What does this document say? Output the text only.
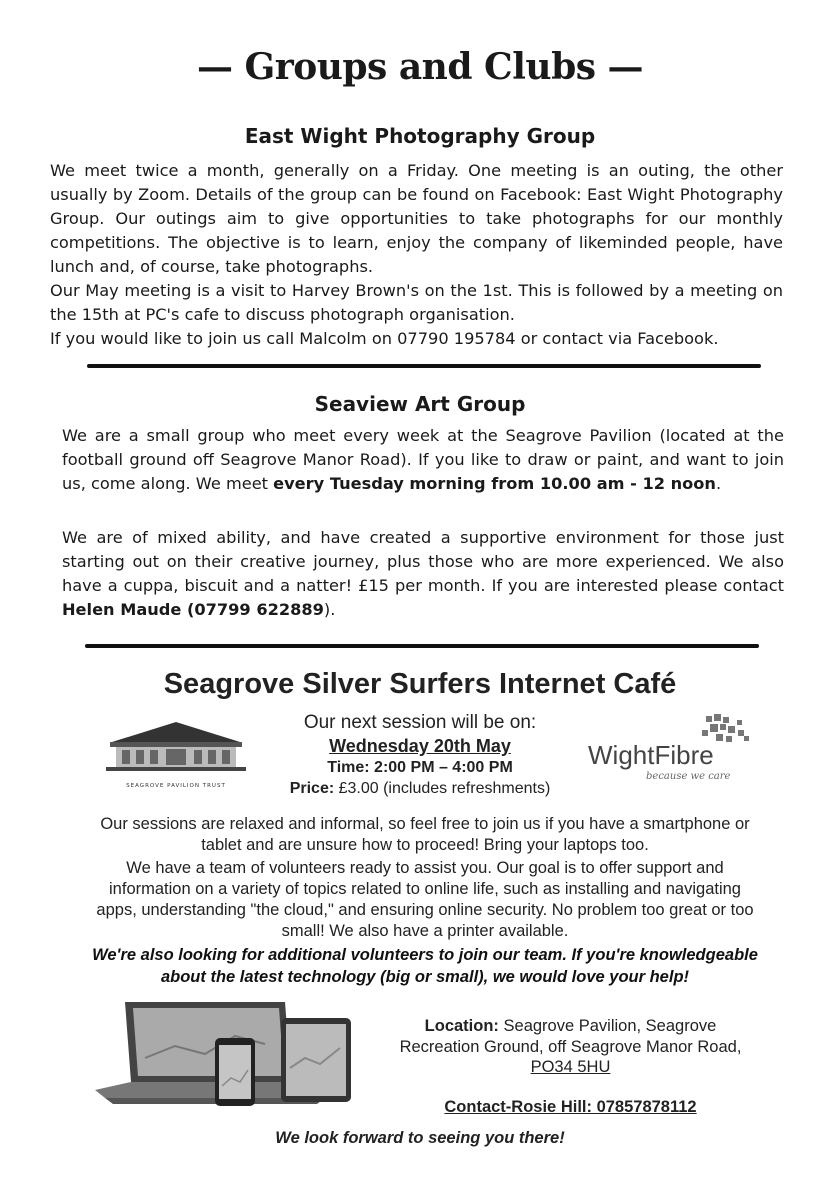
— Groups and Clubs —
East Wight Photography Group
We meet twice a month, generally on a Friday. One meeting is an outing, the other usually by Zoom. Details of the group can be found on Facebook: East Wight Photography Group. Our outings aim to give opportunities to take photographs for our monthly competitions. The objective is to learn, enjoy the company of likeminded people, have lunch and, of course, take photographs.
Our May meeting is a visit to Harvey Brown's on the 1st. This is followed by a meeting on the 15th at PC's cafe to discuss photograph organisation.
If you would like to join us call Malcolm on 07790 195784 or contact via Facebook.
Seaview Art Group
We are a small group who meet every week at the Seagrove Pavilion (located at the football ground off Seagrove Manor Road). If you like to draw or paint, and want to join us, come along. We meet every Tuesday morning from 10.00 am - 12 noon.
We are of mixed ability, and have created a supportive environment for those just starting out on their creative journey, plus those who are more experienced. We also have a cuppa, biscuit and a natter! £15 per month. If you are interested please contact Helen Maude (07799 622889).
Seagrove Silver Surfers Internet Café
SEAGROVE PAVILION TRUST
Our next session will be on:
Wednesday 20th May
Time: 2:00 PM – 4:00 PM
Price: £3.00 (includes refreshments)
WightFibre
because we care
Our sessions are relaxed and informal, so feel free to join us if you have a smartphone or tablet and are unsure how to proceed! Bring your laptops too.
We have a team of volunteers ready to assist you. Our goal is to offer support and information on a variety of topics related to online life, such as installing and navigating apps, understanding "the cloud," and ensuring online security. No problem too great or too small! We also have a printer available.
We're also looking for additional volunteers to join our team. If you're knowledgeable about the latest technology (big or small), we would love your help!
Location: Seagrove Pavilion, Seagrove Recreation Ground, off Seagrove Manor Road,
PO34 5HU
Contact-Rosie Hill: 07857878112
We look forward to seeing you there!
